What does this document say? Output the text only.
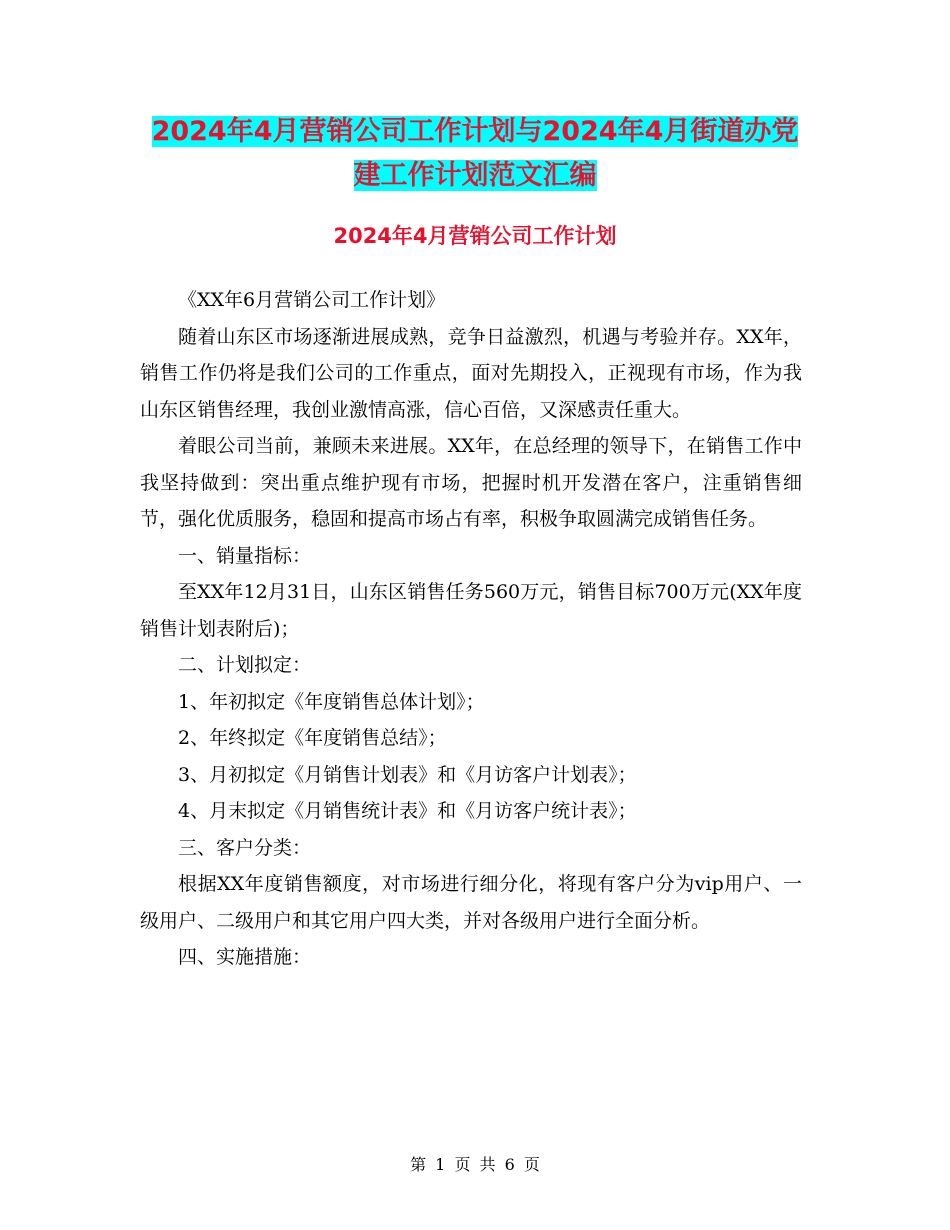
2024年4月营销公司工作计划与2024年4月街道办党
建工作计划范文汇编
2024年4月营销公司工作计划

《XX年6月营销公司工作计划》

随着山东区市场逐渐进展成熟，竞争日益激烈，机遇与考验并存。XX年，销售工作仍将是我们公司的工作重点，面对先期投入，正视现有市场，作为我山东区销售经理，我创业激情高涨，信心百倍，又深感责任重大。

着眼公司当前，兼顾未来进展。XX年，在总经理的领导下，在销售工作中我坚持做到：突出重点维护现有市场，把握时机开发潜在客户，注重销售细节，强化优质服务，稳固和提高市场占有率，积极争取圆满完成销售任务。

一、销量指标：

至XX年12月31日，山东区销售任务560万元，销售目标700万元(XX年度销售计划表附后)；

二、计划拟定：

1、年初拟定《年度销售总体计划》；

2、年终拟定《年度销售总结》；

3、月初拟定《月销售计划表》和《月访客户计划表》；

4、月末拟定《月销售统计表》和《月访客户统计表》；

三、客户分类：

根据XX年度销售额度，对市场进行细分化，将现有客户分为vip用户、一级用户、二级用户和其它用户四大类，并对各级用户进行全面分析。

四、实施措施：

第 1 页 共 6 页
